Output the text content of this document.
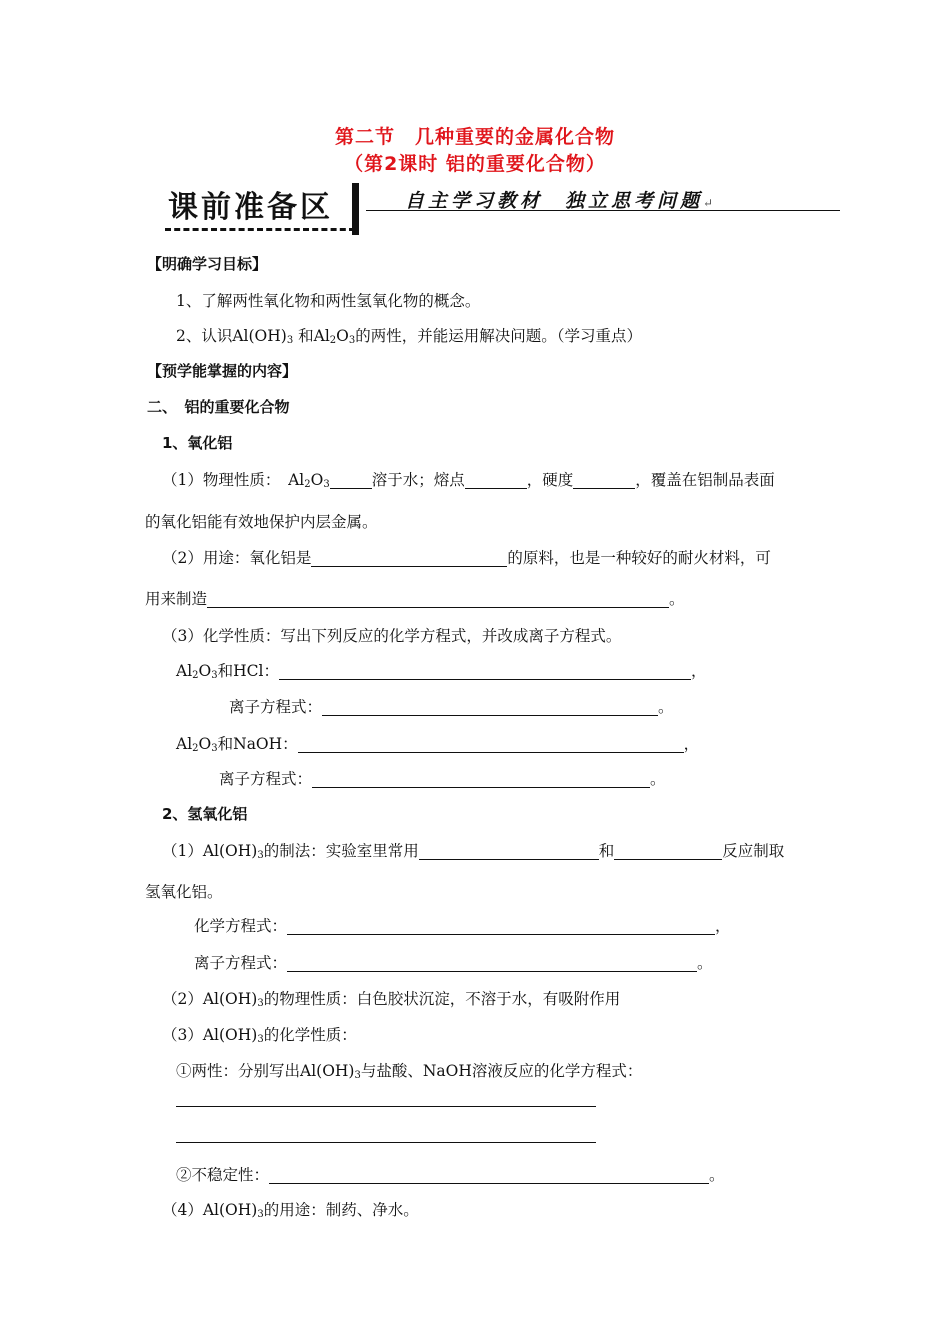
第二节　几种重要的金属化合物
（第2课时 铝的重要化合物）
课前准备区	自主学习教材 独立思考问题↵
【明确学习目标】
1、了解两性氧化物和两性氢氧化物的概念。
2、认识$Al(OH)_3$ 和$Al_2O_3$的两性，并能运用解决问题。（学习重点）
【预学能掌握的内容】
二、　铝的重要化合物
1、氧化铝
（1）物理性质：　$Al_2O_3$	溶于水；熔点	，硬度	，覆盖在铝制品表面
的氧化铝能有效地保护内层金属。
（2）用途：氧化铝是	的原料，也是一种较好的耐火材料，可
用来制造	。
（3）化学性质：写出下列反应的化学方程式，并改成离子方程式。
$Al_2O_3$和HCl：	，
离子方程式：	。
$Al_2O_3$和NaOH：	，
离子方程式：	。
2、氢氧化铝
$(1)Al(OH)_3$的制法：实验室里常用	和	反应制取
氢氧化铝。
化学方程式：	，
离子方程式：	。
$(2)Al(OH)_3$的物理性质：白色胶状沉淀，不溶于水，有吸附作用
$(3)Al(OH)_3$的化学性质：
①两性：分别写出$Al(OH)_3$与盐酸、NaOH溶液反应的化学方程式：
②不稳定性：	。
$(4)Al(OH)_3$的用途：制药、净水。
